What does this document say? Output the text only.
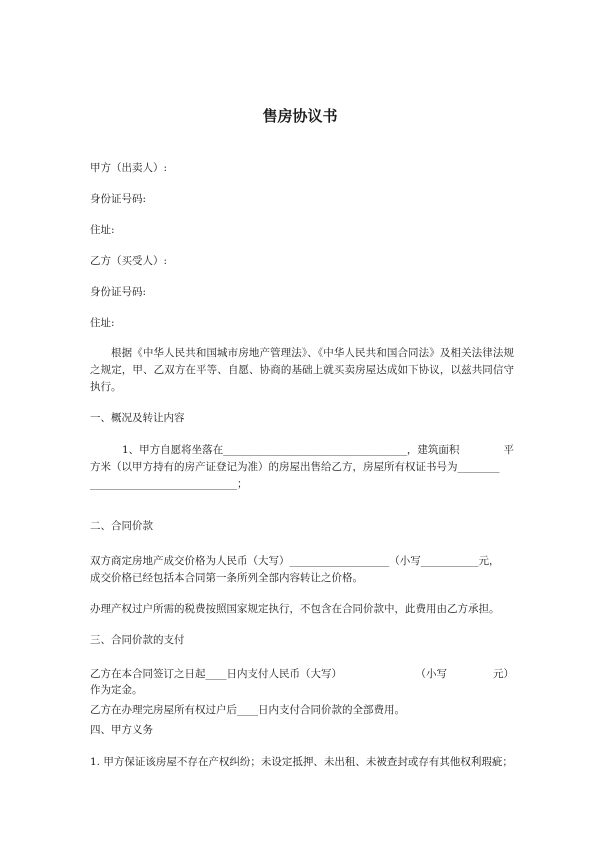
售房协议书
甲方（出卖人）:
身份证号码:
住址:
乙方（买受人）:
身份证号码:
住址:
根据《中华人民共和国城市房地产管理法》、《中华人民共和国合同法》及相关法律法规之规定，甲、乙双方在平等、自愿、协商的基础上就买卖房屋达成如下协议，以兹共同信守执行。
一、概况及转让内容
1、甲方自愿将坐落在___________________________________，建筑面积	平
方米（以甲方持有的房产证登记为准）的房屋出售给乙方，房屋所有权证书号为________
____________________________；
二、合同价款
双方商定房地产成交价格为人民币（大写）___________________（小写___________元，
成交价格已经包括本合同第一条所列全部内容转让之价格。
办理产权过户所需的税费按照国家规定执行，不包含在合同价款中，此费用由乙方承担。
三、合同价款的支付
乙方在本合同签订之日起____日内支付人民币（大写）	（小写	元）
作为定金。
乙方在办理完房屋所有权过户后____日内支付合同价款的全部费用。
四、甲方义务
1. 甲方保证该房屋不存在产权纠纷；未设定抵押、未出租、未被查封或存有其他权利瑕疵；
